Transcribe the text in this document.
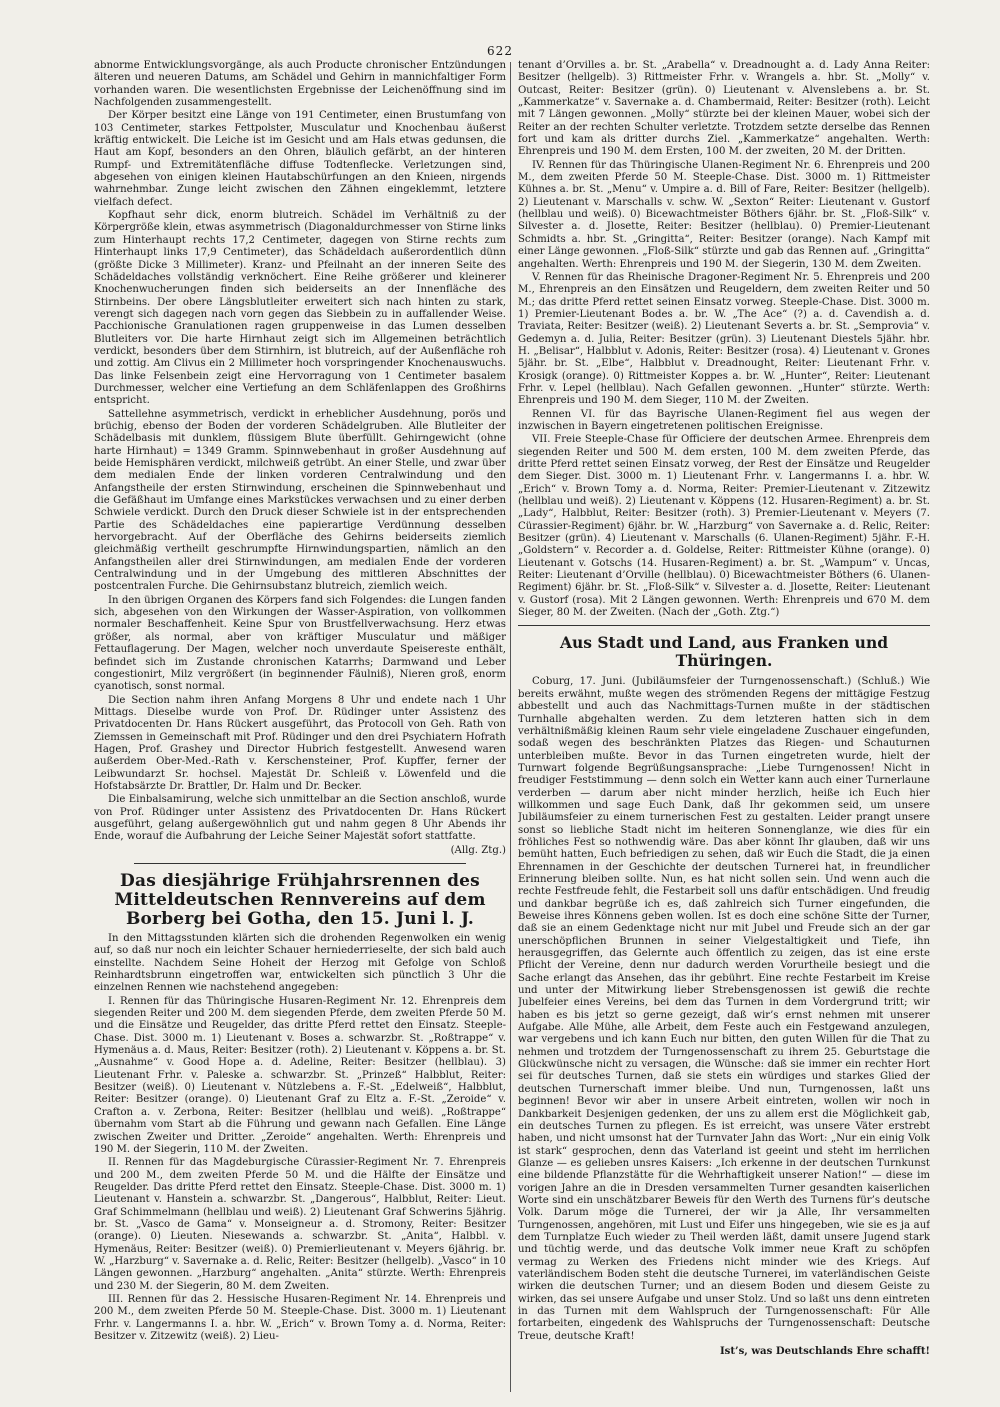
622

abnorme Entwicklungsvorgänge, als auch Producte chronischer Entzündungen älteren und neueren Datums, am Schädel und Gehirn in mannichfaltiger Form vorhanden waren. Die wesentlichsten Ergebnisse der Leichenöffnung sind im Nachfolgenden zusammengestellt.

Der Körper besitzt eine Länge von 191 Centimeter, einen Brustumfang von 103 Centimeter, starkes Fettpolster, Musculatur und Knochenbau äußerst kräftig entwickelt. Die Leiche ist im Gesicht und am Hals etwas gedunsen, die Haut am Kopf, besonders an den Ohren, bläulich gefärbt, an der hinteren Rumpf- und Extremitätenfläche diffuse Todtenflecke. Verletzungen sind, abgesehen von einigen kleinen Hautabschürfungen an den Knieen, nirgends wahrnehmbar. Zunge leicht zwischen den Zähnen eingeklemmt, letztere vielfach defect.

Kopfhaut sehr dick, enorm blutreich. Schädel im Verhältniß zu der Körpergröße klein, etwas asymmetrisch (Diagonaldurchmesser von Stirne links zum Hinterhaupt rechts 17,2 Centimeter, dagegen von Stirne rechts zum Hinterhaupt links 17,9 Centimeter), das Schädeldach außerordentlich dünn (größte Dicke 3 Millimeter). Kranz- und Pfeilnaht an der inneren Seite des Schädeldaches vollständig verknöchert. Eine Reihe größerer und kleinerer Knochenwucherungen finden sich beiderseits an der Innenfläche des Stirnbeins. Der obere Längsblutleiter erweitert sich nach hinten zu stark, verengt sich dagegen nach vorn gegen das Siebbein zu in auffallender Weise. Pacchionische Granulationen ragen gruppenweise in das Lumen desselben Blutleiters vor. Die harte Hirnhaut zeigt sich im Allgemeinen beträchtlich verdickt, besonders über dem Stirnhirn, ist blutreich, auf der Außenfläche roh und zottig. Am Clivus ein 2 Millimeter hoch vorspringender Knochenauswuchs. Das linke Felsenbein zeigt eine Hervorragung von 1 Centimeter basalem Durchmesser, welcher eine Vertiefung an dem Schläfenlappen des Großhirns entspricht.

Sattellehne asymmetrisch, verdickt in erheblicher Ausdehnung, porös und brüchig, ebenso der Boden der vorderen Schädelgruben. Alle Blutleiter der Schädelbasis mit dunklem, flüssigem Blute überfüllt. Gehirngewicht (ohne harte Hirnhaut) = 1349 Gramm. Spinnwebenhaut in großer Ausdehnung auf beide Hemisphären verdickt, milchweiß getrübt. An einer Stelle, und zwar über dem medialen Ende der linken vorderen Centralwindung und den Anfangstheile der ersten Stirnwindung, erscheinen die Spinnwebenhaut und die Gefäßhaut im Umfange eines Markstückes verwachsen und zu einer derben Schwiele verdickt. Durch den Druck dieser Schwiele ist in der entsprechenden Partie des Schädeldaches eine papierartige Verdünnung desselben hervorgebracht. Auf der Oberfläche des Gehirns beiderseits ziemlich gleichmäßig vertheilt geschrumpfte Hirnwindungspartien, nämlich an den Anfangstheilen aller drei Stirnwindungen, am medialen Ende der vorderen Centralwindung und in der Umgebung des mittleren Abschnittes der postcentralen Furche. Die Gehirnsubstanz blutreich, ziemlich weich.

In den übrigen Organen des Körpers fand sich Folgendes: die Lungen fanden sich, abgesehen von den Wirkungen der Wasser-Aspiration, von vollkommen normaler Beschaffenheit. Keine Spur von Brustfellverwachsung. Herz etwas größer, als normal, aber von kräftiger Musculatur und mäßiger Fettauflagerung. Der Magen, welcher noch unverdaute Speisereste enthält, befindet sich im Zustande chronischen Katarrhs; Darmwand und Leber congestionirt, Milz vergrößert (in beginnender Fäulniß), Nieren groß, enorm cyanotisch, sonst normal.

Die Section nahm ihren Anfang Morgens 8 Uhr und endete nach 1 Uhr Mittags. Dieselbe wurde von Prof. Dr. Rüdinger unter Assistenz des Privatdocenten Dr. Hans Rückert ausgeführt, das Protocoll von Geh. Rath von Ziemssen in Gemeinschaft mit Prof. Rüdinger und den drei Psychiatern Hofrath Hagen, Prof. Grashey und Director Hubrich festgestellt. Anwesend waren außerdem Ober-Med.-Rath v. Kerschensteiner, Prof. Kupffer, ferner der Leibwundarzt Sr. hochsel. Majestät Dr. Schleiß v. Löwenfeld und die Hofstabsärzte Dr. Brattler, Dr. Halm und Dr. Becker.

Die Einbalsamirung, welche sich unmittelbar an die Section anschloß, wurde von Prof. Rüdinger unter Assistenz des Privatdocenten Dr. Hans Rückert ausgeführt, gelang außergewöhnlich gut und nahm gegen 8 Uhr Abends ihr Ende, worauf die Aufbahrung der Leiche Seiner Majestät sofort stattfatte.

(Allg. Ztg.)

Das diesjährige Frühjahrsrennen des Mitteldeutschen Rennvereins auf dem Borberg bei Gotha, den 15. Juni l. J.

In den Mittagsstunden klärten sich die drohenden Regenwolken ein wenig auf, so daß nur noch ein leichter Schauer herniederrieselte, der sich bald auch einstellte. Nachdem Seine Hoheit der Herzog mit Gefolge von Schloß Reinhardtsbrunn eingetroffen war, entwickelten sich pünctlich 3 Uhr die einzelnen Rennen wie nachstehend angegeben:

I. Rennen für das Thüringische Husaren-Regiment Nr. 12. Ehrenpreis dem siegenden Reiter und 200 M. dem siegenden Pferde, dem zweiten Pferde 50 M. und die Einsätze und Reugelder, das dritte Pferd rettet den Einsatz. Steeple-Chase. Dist. 3000 m. 1) Lieutenant v. Boses a. schwarzbr. St. „Roßtrappe“ v. Hymenäus a. d. Maus, Reiter: Besitzer (roth). 2) Lieutenant v. Köppens a. br. St. „Ausnahme“ v. Good Hope a. d. Adeline, Reiter: Besitzer (hellblau). 3) Lieutenant Frhr. v. Paleske a. schwarzbr. St. „Prinzeß“ Halbblut, Reiter: Besitzer (weiß). 0) Lieutenant v. Nützlebens a. F.-St. „Edelweiß“, Halbblut, Reiter: Besitzer (orange). 0) Lieutenant Graf zu Eltz a. F.-St. „Zeroide“ v. Crafton a. v. Zerbona, Reiter: Besitzer (hellblau und weiß). „Roßtrappe“ übernahm vom Start ab die Führung und gewann nach Gefallen. Eine Länge zwischen Zweiter und Dritter. „Zeroide“ angehalten. Werth: Ehrenpreis und 190 M. der Siegerin, 110 M. der Zweiten.

II. Rennen für das Magdeburgische Cürassier-Regiment Nr. 7. Ehrenpreis und 200 M., dem zweiten Pferde 50 M. und die Hälfte der Einsätze und Reugelder. Das dritte Pferd rettet den Einsatz. Steeple-Chase. Dist. 3000 m. 1) Lieutenant v. Hanstein a. schwarzbr. St. „Dangerous“, Halbblut, Reiter: Lieut. Graf Schimmelmann (hellblau und weiß). 2) Lieutenant Graf Schwerins 5jährig. br. St. „Vasco de Gama“ v. Monseigneur a. d. Stromony, Reiter: Besitzer (orange). 0) Lieuten. Niesewands a. schwarzbr. St. „Anita“, Halbbl. v. Hymenäus, Reiter: Besitzer (weiß). 0) Premierlieutenant v. Meyers 6jährig. br. W. „Harzburg“ v. Savernake a. d. Relic, Reiter: Besitzer (hellgelb). „Vasco“ in 10 Längen gewonnen. „Harzburg“ angehalten. „Anita“ stürzte. Werth: Ehrenpreis und 230 M. der Siegerin, 80 M. dem Zweiten.

III. Rennen für das 2. Hessische Husaren-Regiment Nr. 14. Ehrenpreis und 200 M., dem zweiten Pferde 50 M. Steeple-Chase. Dist. 3000 m. 1) Lieutenant Frhr. v. Langermanns I. a. hbr. W. „Erich“ v. Brown Tomy a. d. Norma, Reiter: Besitzer v. Zitzewitz (weiß). 2) Lieu-

tenant d’Orvilles a. br. St. „Arabella“ v. Dreadnought a. d. Lady Anna Reiter: Besitzer (hellgelb). 3) Rittmeister Frhr. v. Wrangels a. hbr. St. „Molly“ v. Outcast, Reiter: Besitzer (grün). 0) Lieutenant v. Alvenslebens a. br. St. „Kammerkatze“ v. Savernake a. d. Chambermaid, Reiter: Besitzer (roth). Leicht mit 7 Längen gewonnen. „Molly“ stürzte bei der kleinen Mauer, wobei sich der Reiter an der rechten Schulter verletzte. Trotzdem setzte derselbe das Rennen fort und kam als dritter durchs Ziel. „Kammerkatze“ angehalten. Werth: Ehrenpreis und 190 M. dem Ersten, 100 M. der zweiten, 20 M. der Dritten.

IV. Rennen für das Thüringische Ulanen-Regiment Nr. 6. Ehrenpreis und 200 M., dem zweiten Pferde 50 M. Steeple-Chase. Dist. 3000 m. 1) Rittmeister Kühnes a. br. St. „Menu“ v. Umpire a. d. Bill of Fare, Reiter: Besitzer (hellgelb). 2) Lieutenant v. Marschalls v. schw. W. „Sexton“ Reiter: Lieutenant v. Gustorf (hellblau und weiß). 0) Bicewachtmeister Böthers 6jähr. br. St. „Floß-Silk“ v. Silvester a. d. Jlosette, Reiter: Besitzer (hellblau). 0) Premier-Lieutenant Schmidts a. hbr. St. „Gringitta“, Reiter: Besitzer (orange). Nach Kampf mit einer Länge gewonnen. „Floß-Silk“ stürzte und gab das Rennen auf. „Gringitta“ angehalten. Werth: Ehrenpreis und 190 M. der Siegerin, 130 M. dem Zweiten.

V. Rennen für das Rheinische Dragoner-Regiment Nr. 5. Ehrenpreis und 200 M., Ehrenpreis an den Einsätzen und Reugeldern, dem zweiten Reiter und 50 M.; das dritte Pferd rettet seinen Einsatz vorweg. Steeple-Chase. Dist. 3000 m. 1) Premier-Lieutenant Bodes a. br. W. „The Ace“ (?) a. d. Cavendish a. d. Traviata, Reiter: Besitzer (weiß). 2) Lieutenant Severts a. br. St. „Semprovia“ v. Gedemyn a. d. Julia, Reiter: Besitzer (grün). 3) Lieutenant Diestels 5jähr. hbr. H. „Belisar“, Halbblut v. Adonis, Reiter: Besitzer (rosa). 4) Lieutenant v. Grones 5jähr. br. St. „Elbe“, Halbblut v. Dreadnought, Reiter: Lieutenant Frhr. v. Krosigk (orange). 0) Rittmeister Koppes a. br. W. „Hunter“, Reiter: Lieutenant Frhr. v. Lepel (hellblau). Nach Gefallen gewonnen. „Hunter“ stürzte. Werth: Ehrenpreis und 190 M. dem Sieger, 110 M. der Zweiten.

Rennen VI. für das Bayrische Ulanen-Regiment fiel aus wegen der inzwischen in Bayern eingetretenen politischen Ereignisse.

VII. Freie Steeple-Chase für Officiere der deutschen Armee. Ehrenpreis dem siegenden Reiter und 500 M. dem ersten, 100 M. dem zweiten Pferde, das dritte Pferd rettet seinen Einsatz vorweg, der Rest der Einsätze und Reugelder dem Sieger. Dist. 3000 m. 1) Lieutenant Frhr. v. Langermanns I. a. hbr. W. „Erich“ v. Brown Tomy a. d. Norma, Reiter: Premier-Lieutenant v. Zitzewitz (hellblau und weiß). 2) Lieutenant v. Köppens (12. Husaren-Regiment) a. br. St. „Lady“, Halbblut, Reiter: Besitzer (roth). 3) Premier-Lieutenant v. Meyers (7. Cürassier-Regiment) 6jähr. br. W. „Harzburg“ von Savernake a. d. Relic, Reiter: Besitzer (grün). 4) Lieutenant v. Marschalls (6. Ulanen-Regiment) 5jähr. F.-H. „Goldstern“ v. Recorder a. d. Goldelse, Reiter: Rittmeister Kühne (orange). 0) Lieutenant v. Gotschs (14. Husaren-Regiment) a. br. St. „Wampum“ v. Uncas, Reiter: Lieutenant d’Orville (hellblau). 0) Bicewachtmeister Böthers (6. Ulanen-Regiment) 6jähr. br. St. „Floß-Silk“ v. Silvester a. d. Jlosette, Reiter: Lieutenant v. Gustorf (rosa). Mit 2 Längen gewonnen. Werth: Ehrenpreis und 670 M. dem Sieger, 80 M. der Zweiten. (Nach der „Goth. Ztg.“)

Aus Stadt und Land, aus Franken und Thüringen.

Coburg, 17. Juni. (Jubiläumsfeier der Turngenossenschaft.) (Schluß.) Wie bereits erwähnt, mußte wegen des strömenden Regens der mittägige Festzug abbestellt und auch das Nachmittags-Turnen mußte in der städtischen Turnhalle abgehalten werden. Zu dem letzteren hatten sich in dem verhältnißmäßig kleinen Raum sehr viele eingeladene Zuschauer eingefunden, sodaß wegen des beschränkten Platzes das Riegen- und Schauturnen unterbleiben mußte. Bevor in das Turnen eingetreten wurde, hielt der Turnwart folgende Begrüßungsansprache: „Liebe Turngenossen! Nicht in freudiger Feststimmung — denn solch ein Wetter kann auch einer Turnerlaune verderben — darum aber nicht minder herzlich, heiße ich Euch hier willkommen und sage Euch Dank, daß Ihr gekommen seid, um unsere Jubiläumsfeier zu einem turnerischen Fest zu gestalten. Leider prangt unsere sonst so liebliche Stadt nicht im heiteren Sonnenglanze, wie dies für ein fröhliches Fest so nothwendig wäre. Das aber könnt Ihr glauben, daß wir uns bemüht hatten, Euch befriedigen zu sehen, daß wir Euch die Stadt, die ja einen Ehrennamen in der Geschichte der deutschen Turnerei hat, in freundlicher Erinnerung bleiben sollte. Nun, es hat nicht sollen sein. Und wenn auch die rechte Festfreude fehlt, die Festarbeit soll uns dafür entschädigen. Und freudig und dankbar begrüße ich es, daß zahlreich sich Turner eingefunden, die Beweise ihres Könnens geben wollen. Ist es doch eine schöne Sitte der Turner, daß sie an einem Gedenktage nicht nur mit Jubel und Freude sich an der gar unerschöpflichen Brunnen in seiner Vielgestaltigkeit und Tiefe, ihn herausgegriffen, das Gelernte auch öffentlich zu zeigen, das ist eine erste Pflicht der Vereine, denn nur dadurch werden Vorurtheile besiegt und die Sache erlangt das Ansehen, das ihr gebührt. Eine rechte Festarbeit im Kreise und unter der Mitwirkung lieber Strebensgenossen ist gewiß die rechte Jubelfeier eines Vereins, bei dem das Turnen in dem Vordergrund tritt; wir haben es bis jetzt so gerne gezeigt, daß wir’s ernst nehmen mit unserer Aufgabe. Alle Mühe, alle Arbeit, dem Feste auch ein Festgewand anzulegen, war vergebens und ich kann Euch nur bitten, den guten Willen für die That zu nehmen und trotzdem der Turngenossenschaft zu ihrem 25. Geburtstage die Glückwünsche nicht zu versagen, die Wünsche: daß sie immer ein rechter Hort sei für deutsches Turnen, daß sie stets ein würdiges und starkes Glied der deutschen Turnerschaft immer bleibe. Und nun, Turngenossen, laßt uns beginnen! Bevor wir aber in unsere Arbeit eintreten, wollen wir noch in Dankbarkeit Desjenigen gedenken, der uns zu allem erst die Möglichkeit gab, ein deutsches Turnen zu pflegen. Es ist erreicht, was unsere Väter erstrebt haben, und nicht umsonst hat der Turnvater Jahn das Wort: „Nur ein einig Volk ist stark“ gesprochen, denn das Vaterland ist geeint und steht im herrlichen Glanze — es gelieben unsres Kaisers: „Ich erkenne in der deutschen Turnkunst eine bildende Pflanzstätte für die Wehrhaftigkeit unserer Nation!“ — diese im vorigen Jahre an die in Dresden versammelten Turner gesandten kaiserlichen Worte sind ein unschätzbarer Beweis für den Werth des Turnens für’s deutsche Volk. Darum möge die Turnerei, der wir ja Alle, Ihr versammelten Turngenossen, angehören, mit Lust und Eifer uns hingegeben, wie sie es ja auf dem Turnplatze Euch wieder zu Theil werden läßt, damit unsere Jugend stark und tüchtig werde, und das deutsche Volk immer neue Kraft zu schöpfen vermag zu Werken des Friedens nicht minder wie des Kriegs. Auf vaterländischem Boden steht die deutsche Turnerei, im vaterländischen Geiste wirken die deutschen Turner; und an diesem Boden und diesem Geiste zu wirken, das sei unsere Aufgabe und unser Stolz. Und so laßt uns denn eintreten in das Turnen mit dem Wahlspruch der Turngenossenschaft: Für Alle fortarbeiten, eingedenk des Wahlspruchs der Turngenossenschaft: Deutsche Treue, deutsche Kraft!

Ist’s, was Deutschlands Ehre schafft!
